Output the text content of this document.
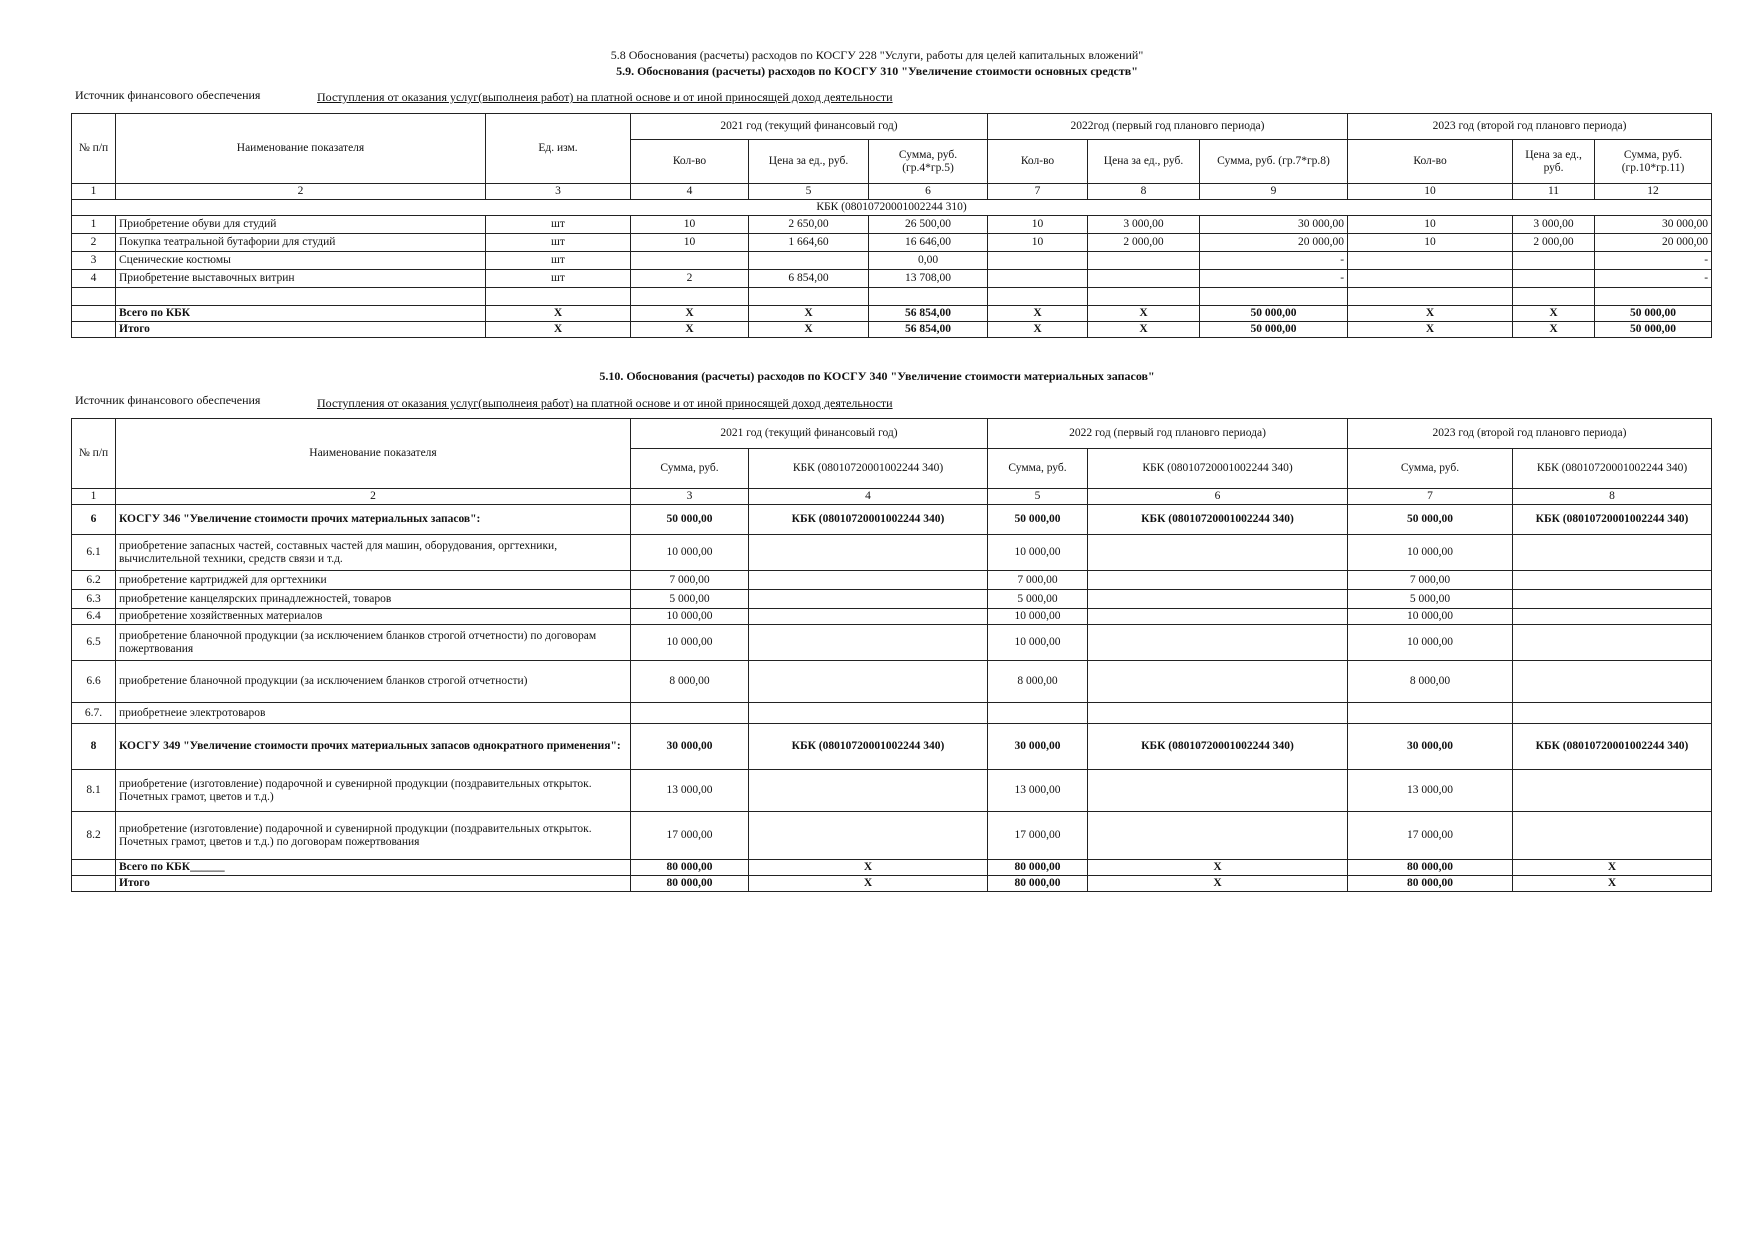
5.8 Обоснования (расчеты) расходов по КОСГУ 228 "Услуги, работы для целей капитальных вложений"
5.9. Обоснования (расчеты) расходов по КОСГУ 310 "Увеличение стоимости основных средств"
Источник финансового обеспечения	Поступления от оказания услуг(выполнеия работ) на платной основе и от иной приносящей доход деятельности
№ п/п	Наименование показателя	Ед. изм.	2021 год (текущий финансовый год)			2022год (первый год плановго периода)			2023 год (второй год плановго периода)		
			Кол-во	Цена за ед., руб.	Сумма, руб. (гр.4*гр.5)	Кол-во	Цена за ед., руб.	Сумма, руб. (гр.7*гр.8)	Кол-во	Цена за ед., руб.	Сумма, руб. (гр.10*гр.11)
1	2	3	4	5	6	7	8	9	10	11	12
КБК (08010720001002244 310)											
1	Приобретение обуви для студий	шт	10	2 650,00	26 500,00	10	3 000,00	30 000,00	10	3 000,00	30 000,00
2	Покупка театральной бутафории для студий	шт	10	1 664,60	16 646,00	10	2 000,00	20 000,00	10	2 000,00	20 000,00
3	Сценические костюмы	шт			0,00			-			-
4	Приобретение выставочных витрин	шт	2	6 854,00	13 708,00			-			-

	Всего по КБК	Х	Х	Х	56 854,00	Х	Х	50 000,00	Х	Х	50 000,00
	Итого	Х	Х	Х	56 854,00	Х	Х	50 000,00	Х	Х	50 000,00
5.10. Обоснования (расчеты) расходов по КОСГУ 340 "Увеличение стоимости материальных запасов"
Источник финансового обеспечения	Поступления от оказания услуг(выполнеия работ) на платной основе и от иной приносящей доход деятельности
№ п/п	Наименование показателя	2021 год (текущий финансовый год)		2022 год (первый год плановго периода)		2023 год (второй год плановго периода)	
		Сумма, руб.	КБК (08010720001002244 340)	Сумма, руб.	КБК (08010720001002244 340)	Сумма, руб.	КБК (08010720001002244 340)
1	2	3	4	5	6	7	8
6	КОСГУ 346 "Увеличение стоимости прочих материальных запасов":	50 000,00	КБК (08010720001002244 340)	50 000,00	КБК (08010720001002244 340)	50 000,00	КБК (08010720001002244 340)
6.1	приобретение запасных частей, составных частей для машин, оборудования, оргтехники, вычислительной техники, средств связи и т.д.	10 000,00		10 000,00		10 000,00	
6.2	приобретение картриджей для оргтехники	7 000,00		7 000,00		7 000,00	
6.3	приобретение канцелярских принадлежностей, товаров	5 000,00		5 000,00		5 000,00	
6.4	приобретение хозяйственных материалов	10 000,00		10 000,00		10 000,00	
6.5	приобретение бланочной продукции (за исключением бланков строгой отчетности) по договорам пожертвования	10 000,00		10 000,00		10 000,00	
6.6	приобретение бланочной продукции (за исключением бланков строгой отчетности)	8 000,00		8 000,00		8 000,00	
6.7.	приобретнеие электротоваров						
8	КОСГУ 349 "Увеличение стоимости прочих материальных запасов однократного применения":	30 000,00	КБК (08010720001002244 340)	30 000,00	КБК (08010720001002244 340)	30 000,00	КБК (08010720001002244 340)
8.1	приобретение (изготовление) подарочной и сувенирной продукции (поздравительных открыток. Почетных грамот, цветов и т.д.)	13 000,00		13 000,00		13 000,00	
8.2	приобретение (изготовление) подарочной и сувенирной продукции (поздравительных открыток. Почетных грамот, цветов и т.д.) по договорам пожертвования	17 000,00		17 000,00		17 000,00	
	Всего по КБК______	80 000,00	Х	80 000,00	Х	80 000,00	Х
	Итого	80 000,00	Х	80 000,00	Х	80 000,00	Х
